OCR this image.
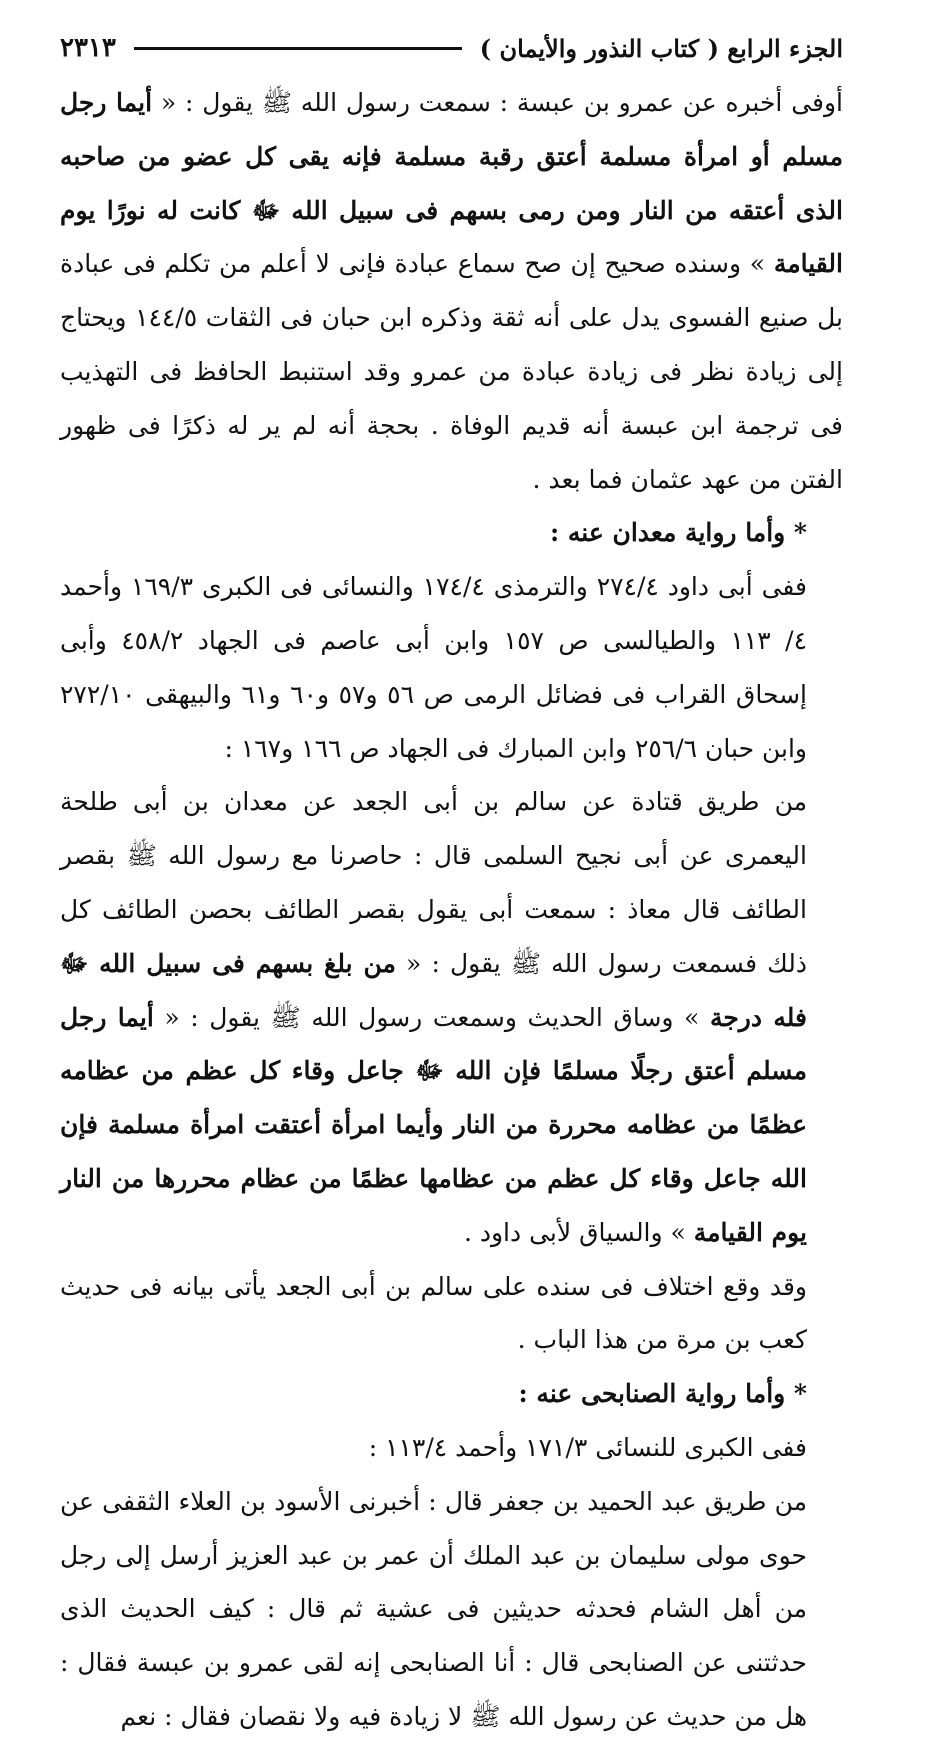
الجزء الرابع ( كتاب النذور والأيمان )
٢٣١٣

أوفى أخبره عن عمرو بن عبسة : سمعت رسول الله ﷺ يقول : « أيما رجل مسلم أو امرأة مسلمة أعتق رقبة مسلمة فإنه يقى كل عضو من صاحبه الذى أعتقه من النار ومن رمى بسهم فى سبيل الله ﷻ كانت له نورًا يوم القيامة » وسنده صحيح إن صح سماع عبادة فإنى لا أعلم من تكلم فى عبادة بل صنيع الفسوى يدل على أنه ثقة وذكره ابن حبان فى الثقات ١٤٤/٥ ويحتاج إلى زيادة نظر فى زيادة عبادة من عمرو وقد استنبط الحافظ فى التهذيب فى ترجمة ابن عبسة أنه قديم الوفاة . بحجة أنه لم ير له ذكرًا فى ظهور الفتن من عهد عثمان فما بعد .

* وأما رواية معدان عنه :

ففى أبى داود ٢٧٤/٤ والترمذى ١٧٤/٤ والنسائى فى الكبرى ١٦٩/٣ وأحمد ٤/ ١١٣ والطيالسى ص ١٥٧ وابن أبى عاصم فى الجهاد ٤٥٨/٢ وأبى إسحاق القراب فى فضائل الرمى ص ٥٦ و٥٧ و٦٠ و٦١ والبيهقى ٢٧٢/١٠ وابن حبان ٢٥٦/٦ وابن المبارك فى الجهاد ص ١٦٦ و١٦٧ :

من طريق قتادة عن سالم بن أبى الجعد عن معدان بن أبى طلحة اليعمرى عن أبى نجيح السلمى قال : حاصرنا مع رسول الله ﷺ بقصر الطائف قال معاذ : سمعت أبى يقول بقصر الطائف بحصن الطائف كل ذلك فسمعت رسول الله ﷺ يقول : « من بلغ بسهم فى سبيل الله ﷻ فله درجة » وساق الحديث وسمعت رسول الله ﷺ يقول : « أيما رجل مسلم أعتق رجلًا مسلمًا فإن الله ﷻ جاعل وقاء كل عظم من عظامه عظمًا من عظامه محررة من النار وأيما امرأة أعتقت امرأة مسلمة فإن الله جاعل وقاء كل عظم من عظامها عظمًا من عظام محررها من النار يوم القيامة » والسياق لأبى داود .

وقد وقع اختلاف فى سنده على سالم بن أبى الجعد يأتى بيانه فى حديث كعب بن مرة من هذا الباب .

* وأما رواية الصنابحى عنه :

ففى الكبرى للنسائى ١٧١/٣ وأحمد ١١٣/٤ :

من طريق عبد الحميد بن جعفر قال : أخبرنى الأسود بن العلاء الثقفى عن حوى مولى سليمان بن عبد الملك أن عمر بن عبد العزيز أرسل إلى رجل من أهل الشام فحدثه حديثين فى عشية ثم قال : كيف الحديث الذى حدثتنى عن الصنابحى قال : أنا الصنابحى إنه لقى عمرو بن عبسة فقال : هل من حديث عن رسول الله ﷺ لا زيادة فيه ولا نقصان فقال : نعم
